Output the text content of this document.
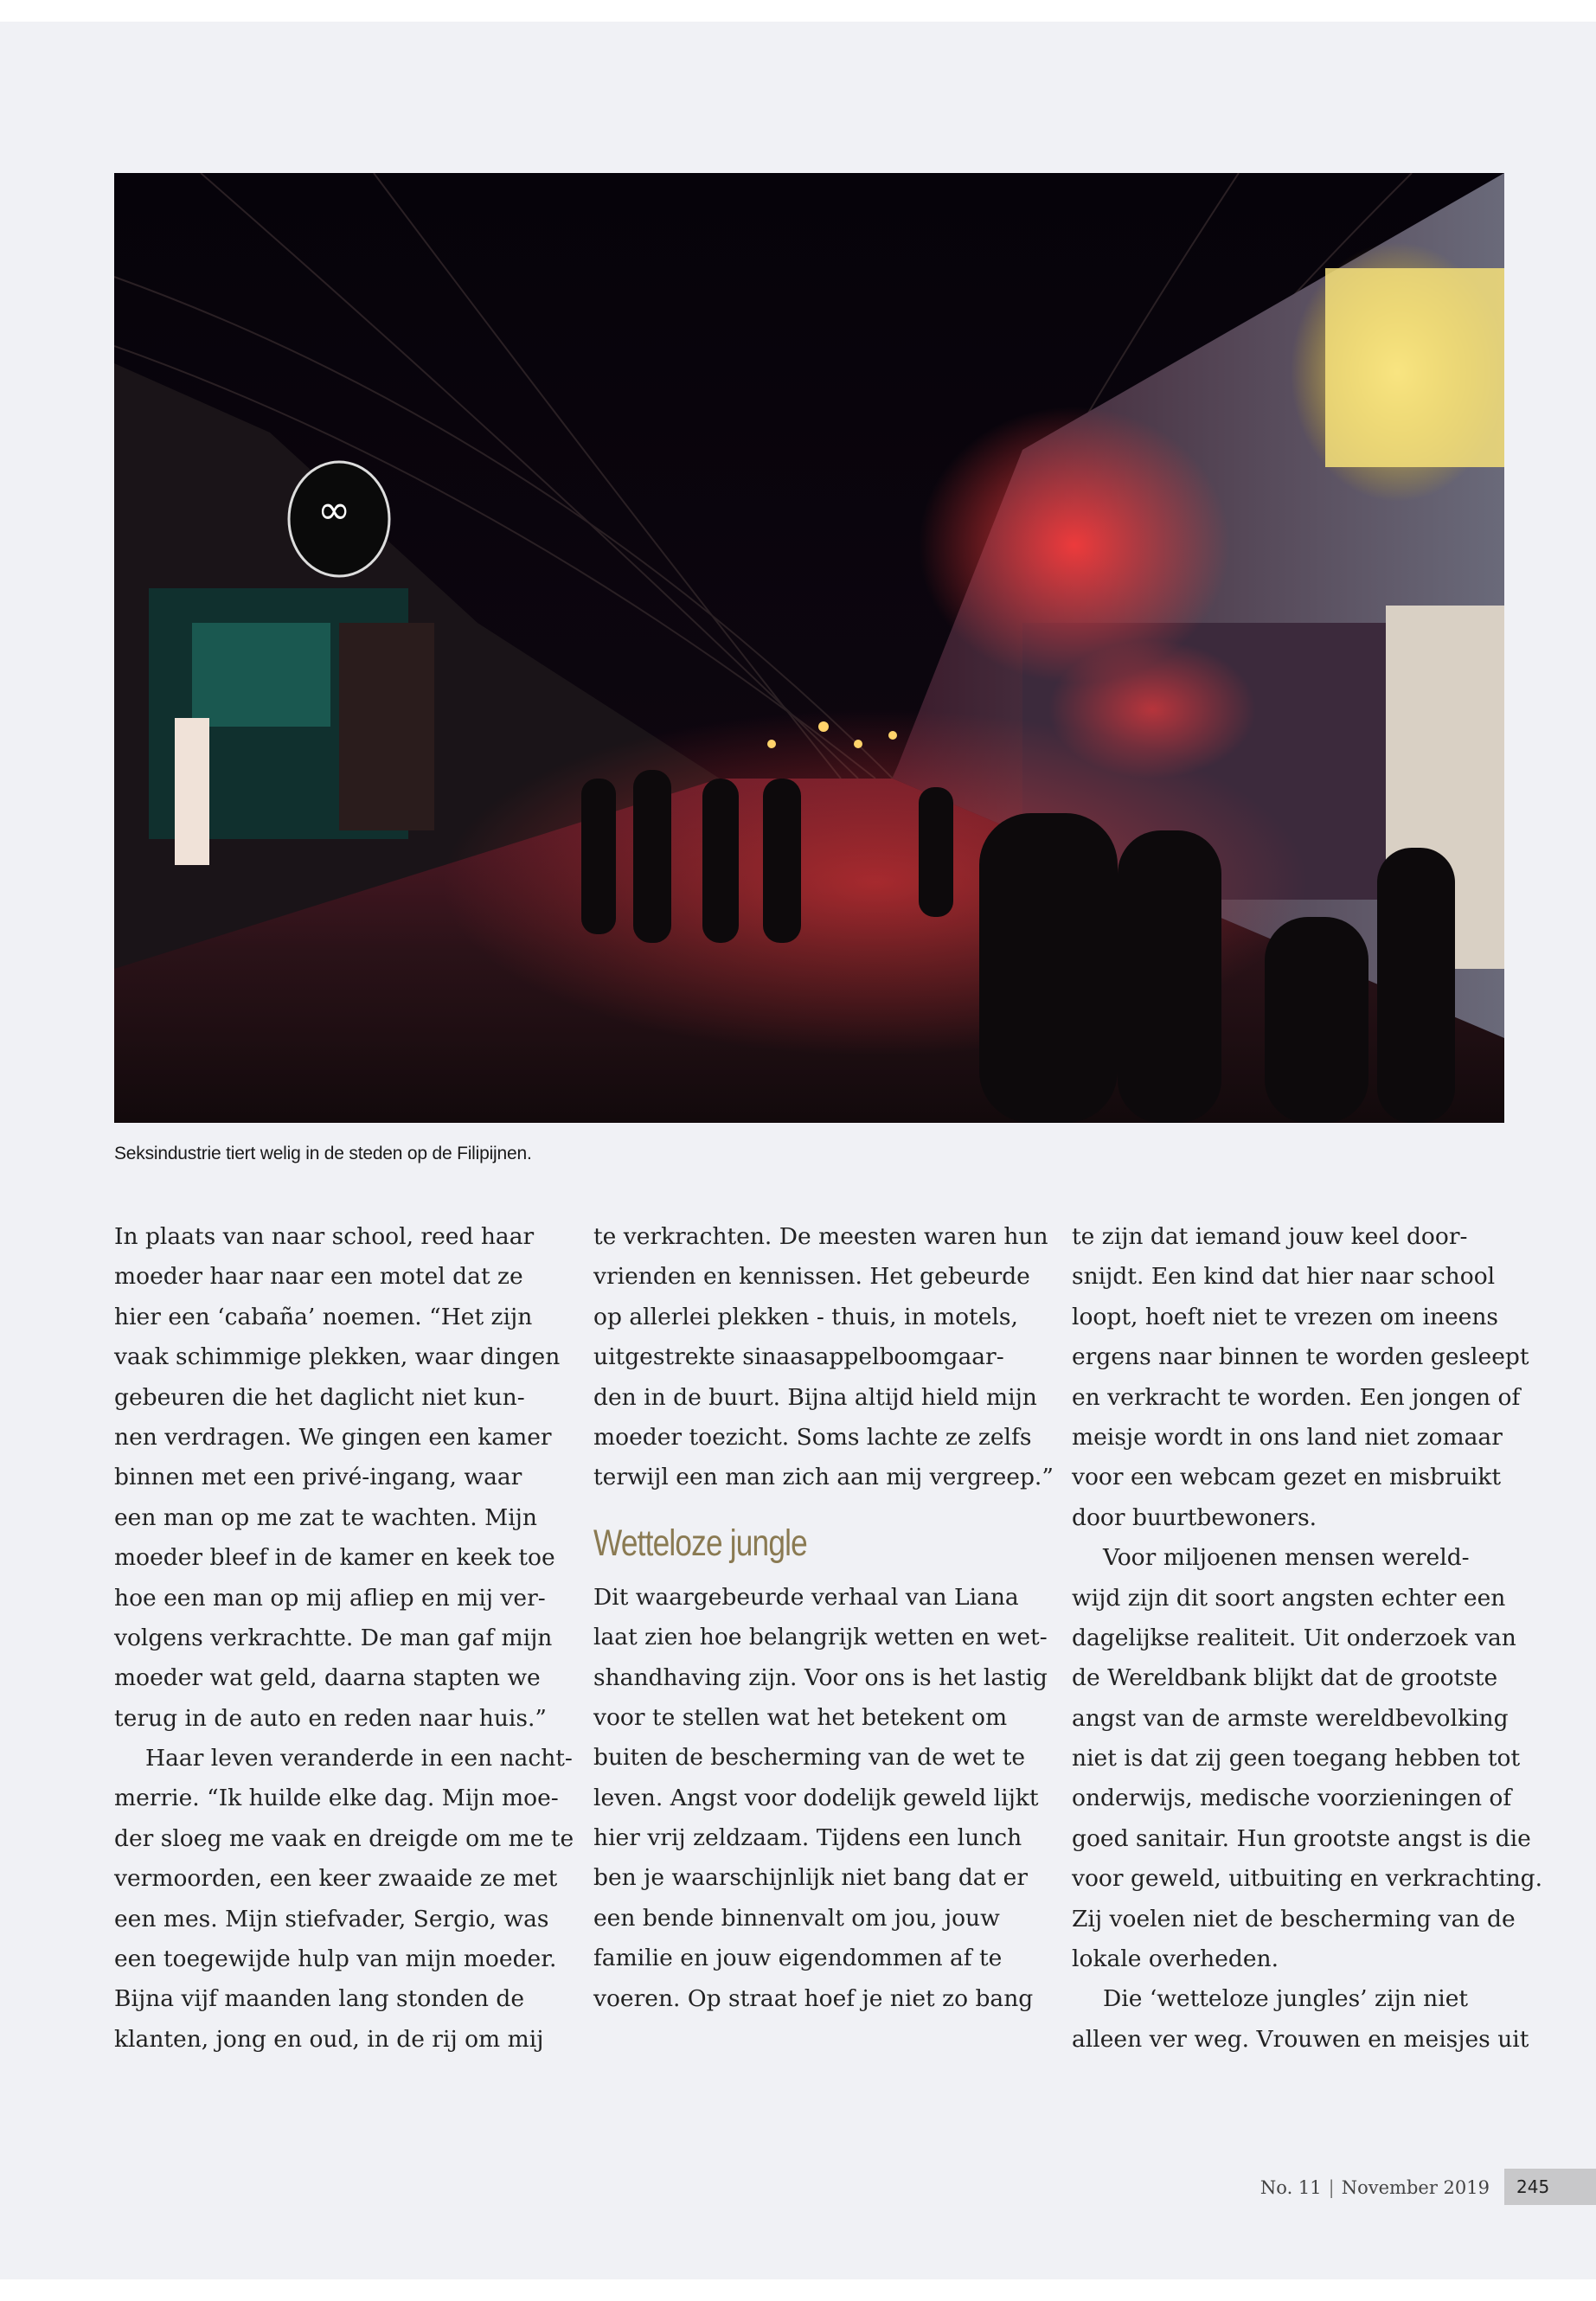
∞
Seksindustrie tiert welig in de steden op de Filipijnen.
In plaats van naar school, reed haar
moeder haar naar een motel dat ze
hier een ‘cabaña’ noemen. “Het zijn
vaak schimmige plekken, waar dingen
gebeuren die het daglicht niet kun-
nen verdragen. We gingen een kamer
binnen met een privé-ingang, waar
een man op me zat te wachten. Mijn
moeder bleef in de kamer en keek toe
hoe een man op mij afliep en mij ver-
volgens verkrachtte. De man gaf mijn
moeder wat geld, daarna stapten we
terug in de auto en reden naar huis.”
Haar leven veranderde in een nacht-
merrie. “Ik huilde elke dag. Mijn moe-
der sloeg me vaak en dreigde om me te
vermoorden, een keer zwaaide ze met
een mes. Mijn stiefvader, Sergio, was
een toegewijde hulp van mijn moeder.
Bijna vijf maanden lang stonden de
klanten, jong en oud, in de rij om mij
te verkrachten. De meesten waren hun
vrienden en kennissen. Het gebeurde
op allerlei plekken - thuis, in motels,
uitgestrekte sinaasappelboomgaar-
den in de buurt. Bijna altijd hield mijn
moeder toezicht. Soms lachte ze zelfs
terwijl een man zich aan mij vergreep.”
Wetteloze jungle
Dit waargebeurde verhaal van Liana
laat zien hoe belangrijk wetten en wet-
shandhaving zijn. Voor ons is het lastig
voor te stellen wat het betekent om
buiten de bescherming van de wet te
leven. Angst voor dodelijk geweld lijkt
hier vrij zeldzaam. Tijdens een lunch
ben je waarschijnlijk niet bang dat er
een bende binnenvalt om jou, jouw
familie en jouw eigendommen af te
voeren. Op straat hoef je niet zo bang
te zijn dat iemand jouw keel door-
snijdt. Een kind dat hier naar school
loopt, hoeft niet te vrezen om ineens
ergens naar binnen te worden gesleept
en verkracht te worden. Een jongen of
meisje wordt in ons land niet zomaar
voor een webcam gezet en misbruikt
door buurtbewoners.
Voor miljoenen mensen wereld-
wijd zijn dit soort angsten echter een
dagelijkse realiteit. Uit onderzoek van
de Wereldbank blijkt dat de grootste
angst van de armste wereldbevolking
niet is dat zij geen toegang hebben tot
onderwijs, medische voorzieningen of
goed sanitair. Hun grootste angst is die
voor geweld, uitbuiting en verkrachting.
Zij voelen niet de bescherming van de
lokale overheden.
Die ‘wetteloze jungles’ zijn niet
alleen ver weg. Vrouwen en meisjes uit
No. 11 | November 2019	245
